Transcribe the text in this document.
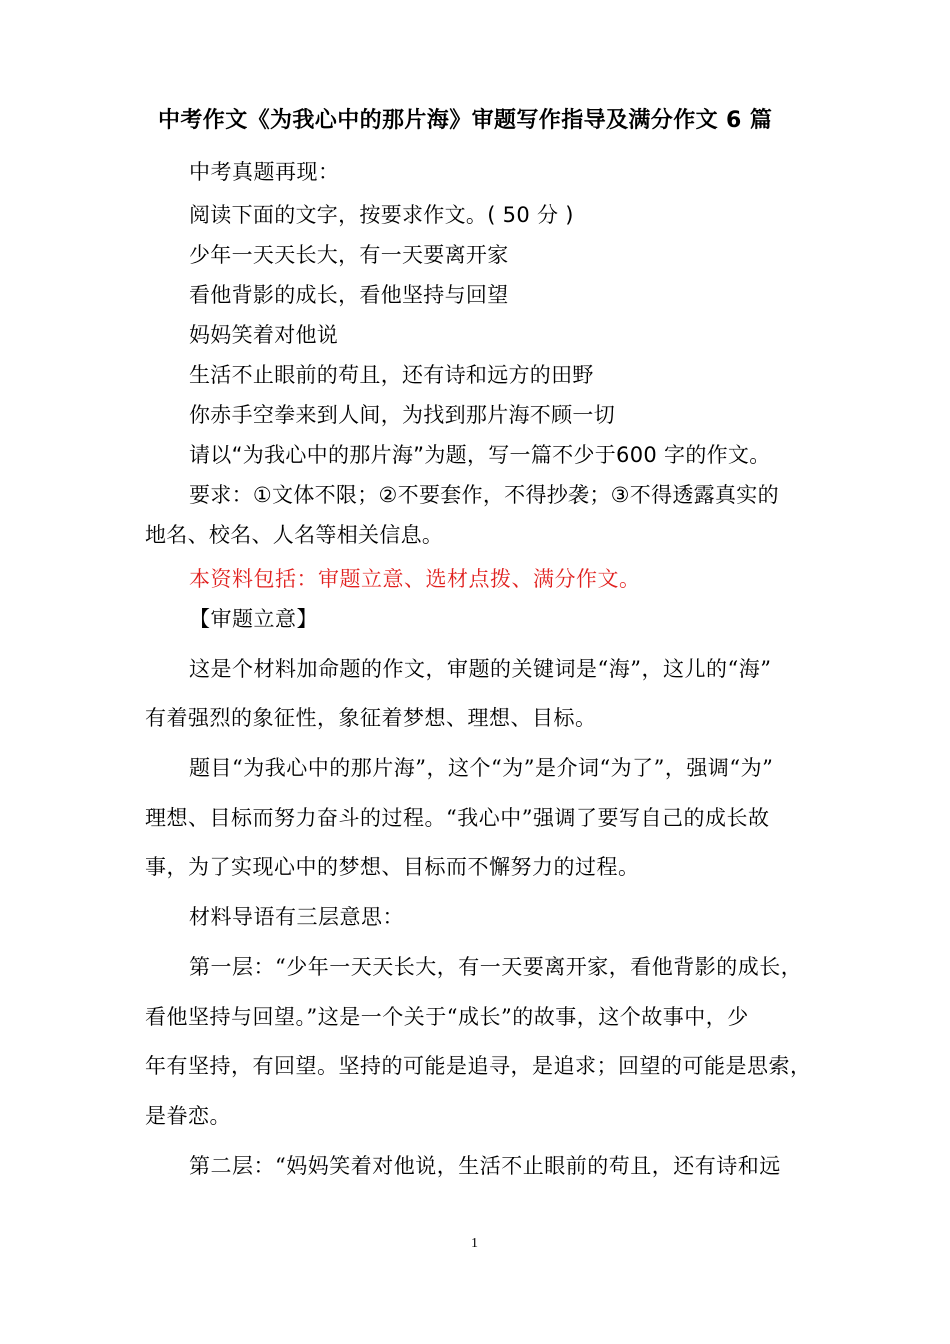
中考作文《为我心中的那片海》审题写作指导及满分作文 6 篇
中考真题再现：
阅读下面的文字，按要求作文。( 50 分 )
少年一天天长大，有一天要离开家
看他背影的成长，看他坚持与回望
妈妈笑着对他说
生活不止眼前的苟且，还有诗和远方的田野
你赤手空拳来到人间，为找到那片海不顾一切
请以“为我心中的那片海”为题，写一篇不少于600 字的作文。
要求：①文体不限；②不要套作，不得抄袭；③不得透露真实的
地名、校名、人名等相关信息。
本资料包括：审题立意、选材点拨、满分作文。
【审题立意】
这是个材料加命题的作文，审题的关键词是“海”，这儿的“海”
有着强烈的象征性，象征着梦想、理想、目标。
题目“为我心中的那片海”，这个“为”是介词“为了”，强调“为”
理想、目标而努力奋斗的过程。“我心中”强调了要写自己的成长故
事，为了实现心中的梦想、目标而不懈努力的过程。
材料导语有三层意思：
第一层：“少年一天天长大，有一天要离开家，看他背影的成长，
看他坚持与回望。”这是一个关于“成长”的故事，这个故事中，少
年有坚持，有回望。坚持的可能是追寻，是追求；回望的可能是思索，
是眷恋。
第二层：“妈妈笑着对他说，生活不止眼前的苟且，还有诗和远
1
